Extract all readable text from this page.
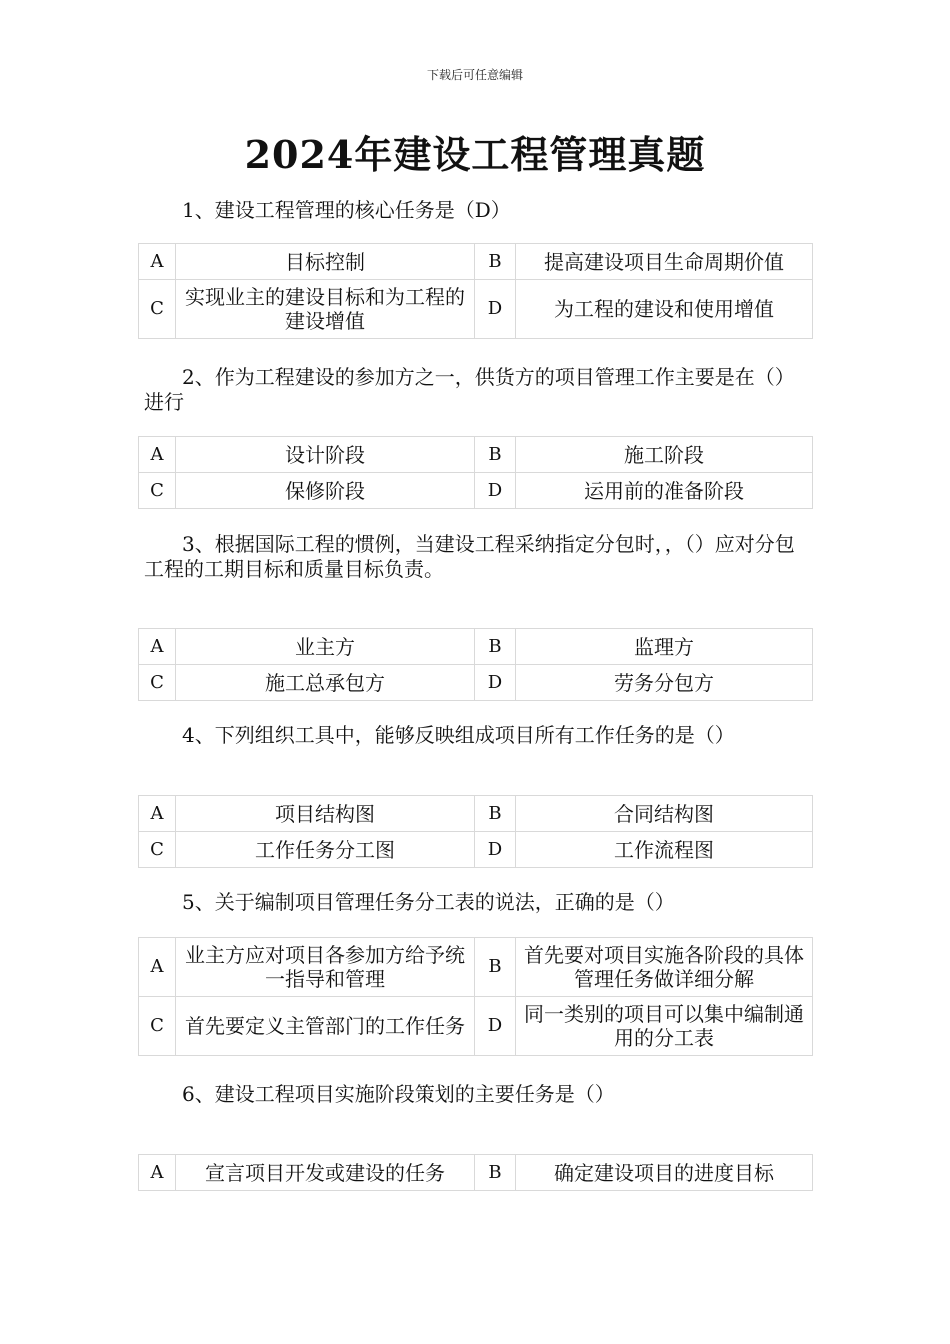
下载后可任意编辑
2024年建设工程管理真题
1、建设工程管理的核心任务是（D）
A	目标控制	B	提高建设项目生命周期价值
C	实现业主的建设目标和为工程的建设增值	D	为工程的建设和使用增值
2、作为工程建设的参加方之一，供货方的项目管理工作主要是在（）进行
A	设计阶段	B	施工阶段
C	保修阶段	D	运用前的准备阶段
3、根据国际工程的惯例，当建设工程采纳指定分包时，，（）应对分包工程的工期目标和质量目标负责。
A	业主方	B	监理方
C	施工总承包方	D	劳务分包方
4、下列组织工具中，能够反映组成项目所有工作任务的是（）
A	项目结构图	B	合同结构图
C	工作任务分工图	D	工作流程图
5、关于编制项目管理任务分工表的说法，正确的是（）
A	业主方应对项目各参加方给予统一指导和管理	B	首先要对项目实施各阶段的具体管理任务做详细分解
C	首先要定义主管部门的工作任务	D	同一类别的项目可以集中编制通用的分工表
6、建设工程项目实施阶段策划的主要任务是（）
A	宣言项目开发或建设的任务	B	确定建设项目的进度目标
